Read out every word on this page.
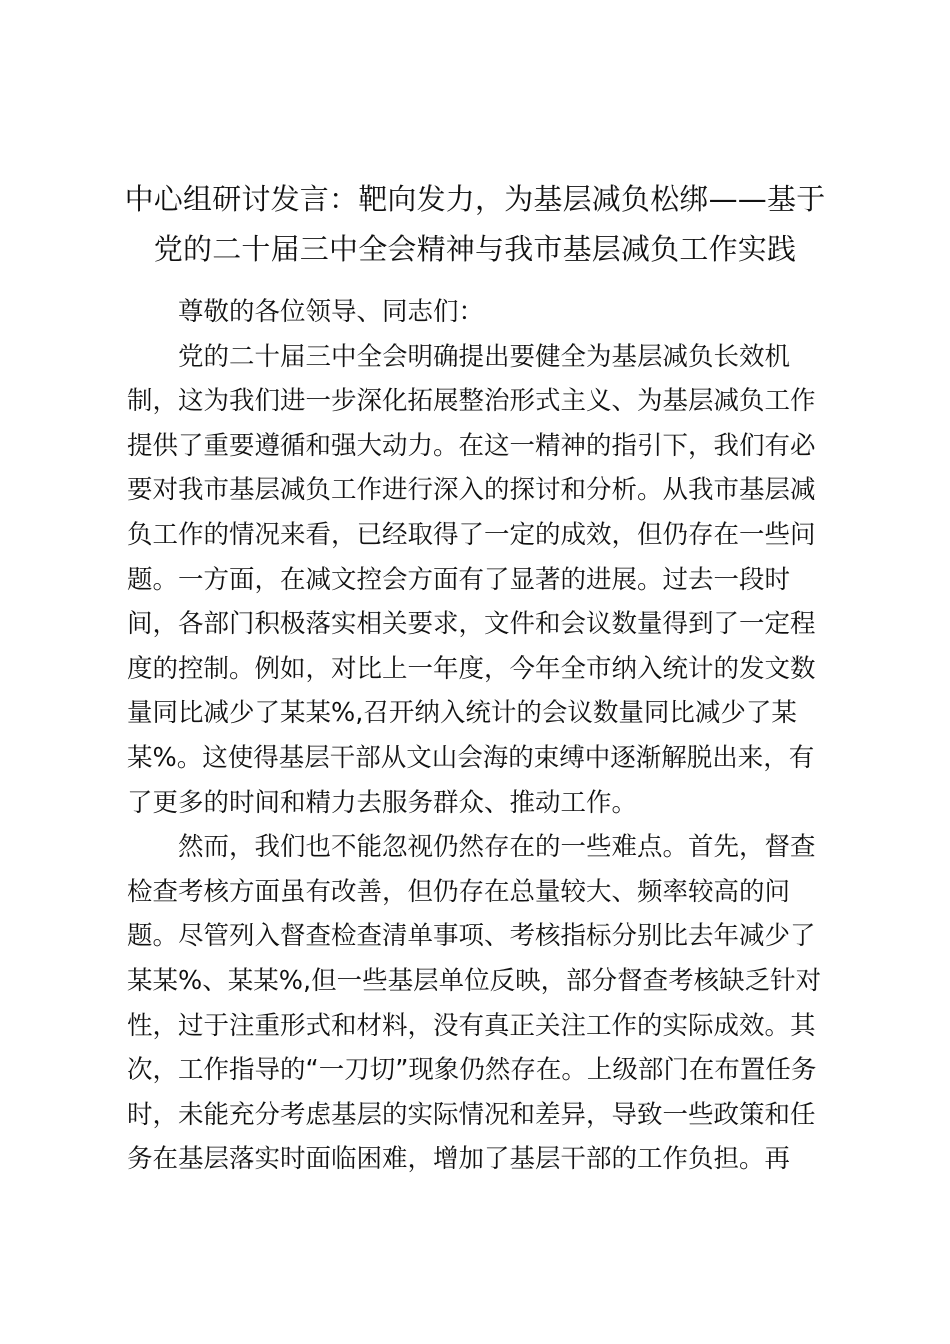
中心组研讨发言：靶向发力，为基层减负松绑——基于
党的二十届三中全会精神与我市基层减负工作实践

尊敬的各位领导、同志们：

党的二十届三中全会明确提出要健全为基层减负长效机
制，这为我们进一步深化拓展整治形式主义、为基层减负工作
提供了重要遵循和强大动力。在这一精神的指引下，我们有必
要对我市基层减负工作进行深入的探讨和分析。从我市基层减
负工作的情况来看，已经取得了一定的成效，但仍存在一些问
题。一方面，在减文控会方面有了显著的进展。过去一段时
间，各部门积极落实相关要求，文件和会议数量得到了一定程
度的控制。例如，对比上一年度，今年全市纳入统计的发文数
量同比减少了某某%,召开纳入统计的会议数量同比减少了某
某%。这使得基层干部从文山会海的束缚中逐渐解脱出来，有
了更多的时间和精力去服务群众、推动工作。
然而，我们也不能忽视仍然存在的一些难点。首先，督查
检查考核方面虽有改善，但仍存在总量较大、频率较高的问
题。尽管列入督查检查清单事项、考核指标分别比去年减少了
某某%、某某%,但一些基层单位反映，部分督查考核缺乏针对
性，过于注重形式和材料，没有真正关注工作的实际成效。其
次，工作指导的“一刀切”现象仍然存在。上级部门在布置任务
时，未能充分考虑基层的实际情况和差异，导致一些政策和任
务在基层落实时面临困难，增加了基层干部的工作负担。再
